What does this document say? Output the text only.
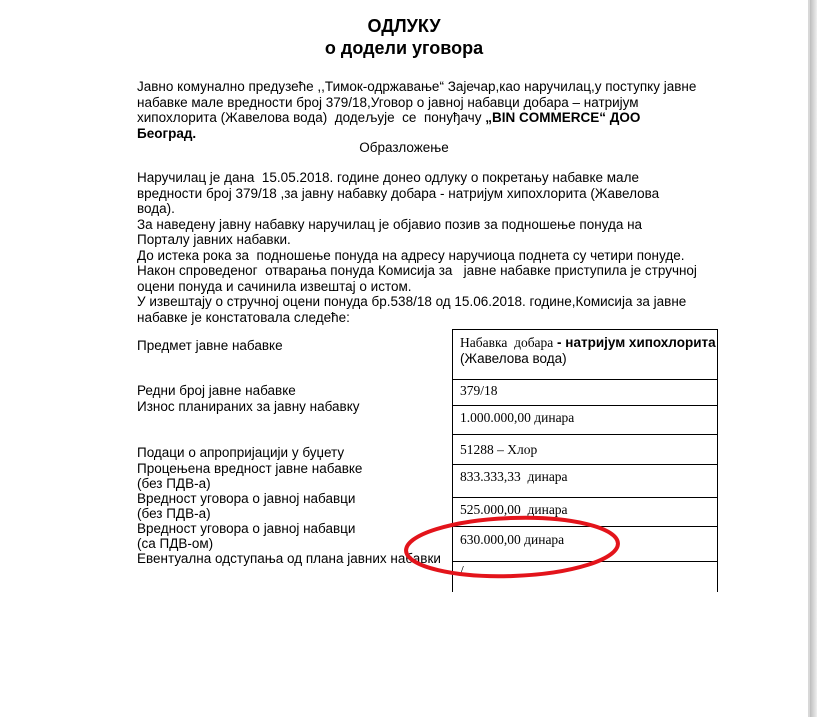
ОДЛУКУ
о додели уговора
Јавно комунално предузеће ,,Тимок-одржавање“ Зајечар,као наручилац,у поступку јавне
набавке мале вредности број 379/18,Уговор о јавној набавци добара – натријум
хипохлорита (Жавелова вода)  додељује  се  понуђачу „BIN COMMERCE“ ДОО
Београд.
Образложење
Наручилац је дана  15.05.2018. године донео одлуку о покретању набавке мале
вредности број 379/18 ,за јавну набавку добара - натријум хипохлорита (Жавелова
вода).
За наведену јавну набавку наручилац је објавио позив за подношење понуда на
Порталу јавних набавки.
До истека рока за  подношење понуда на адресу наручиоца поднета су четири понуде.
Након спроведеног  отварања понуда Комисија за   јавне набавке приступила је стручној
оцени понуда и сачинила извештај о истом.
У извештају о стручној оцени понуда бр.538/18 од 15.06.2018. године,Комисија за јавне
набавке је констатовала следеће:
Предмет јавне набавке
Редни број јавне набавке
Износ планираних за јавну набавку
Подаци о апропријацији у буџету
Процењена вредност јавне набавке
(без ПДВ-а)
Вредност уговора о јавној набавци
(без ПДВ-а)
Вредност уговора о јавној набавци
(са ПДВ-ом)
Евентуална одступања од плана јавних набавки
Набавка  добара - натријум хипохлорита
(Жавелова вода)
379/18
1.000.000,00 динара
51288 – Хлор
833.333,33  динара
525.000,00  динара
630.000,00 динара
/
